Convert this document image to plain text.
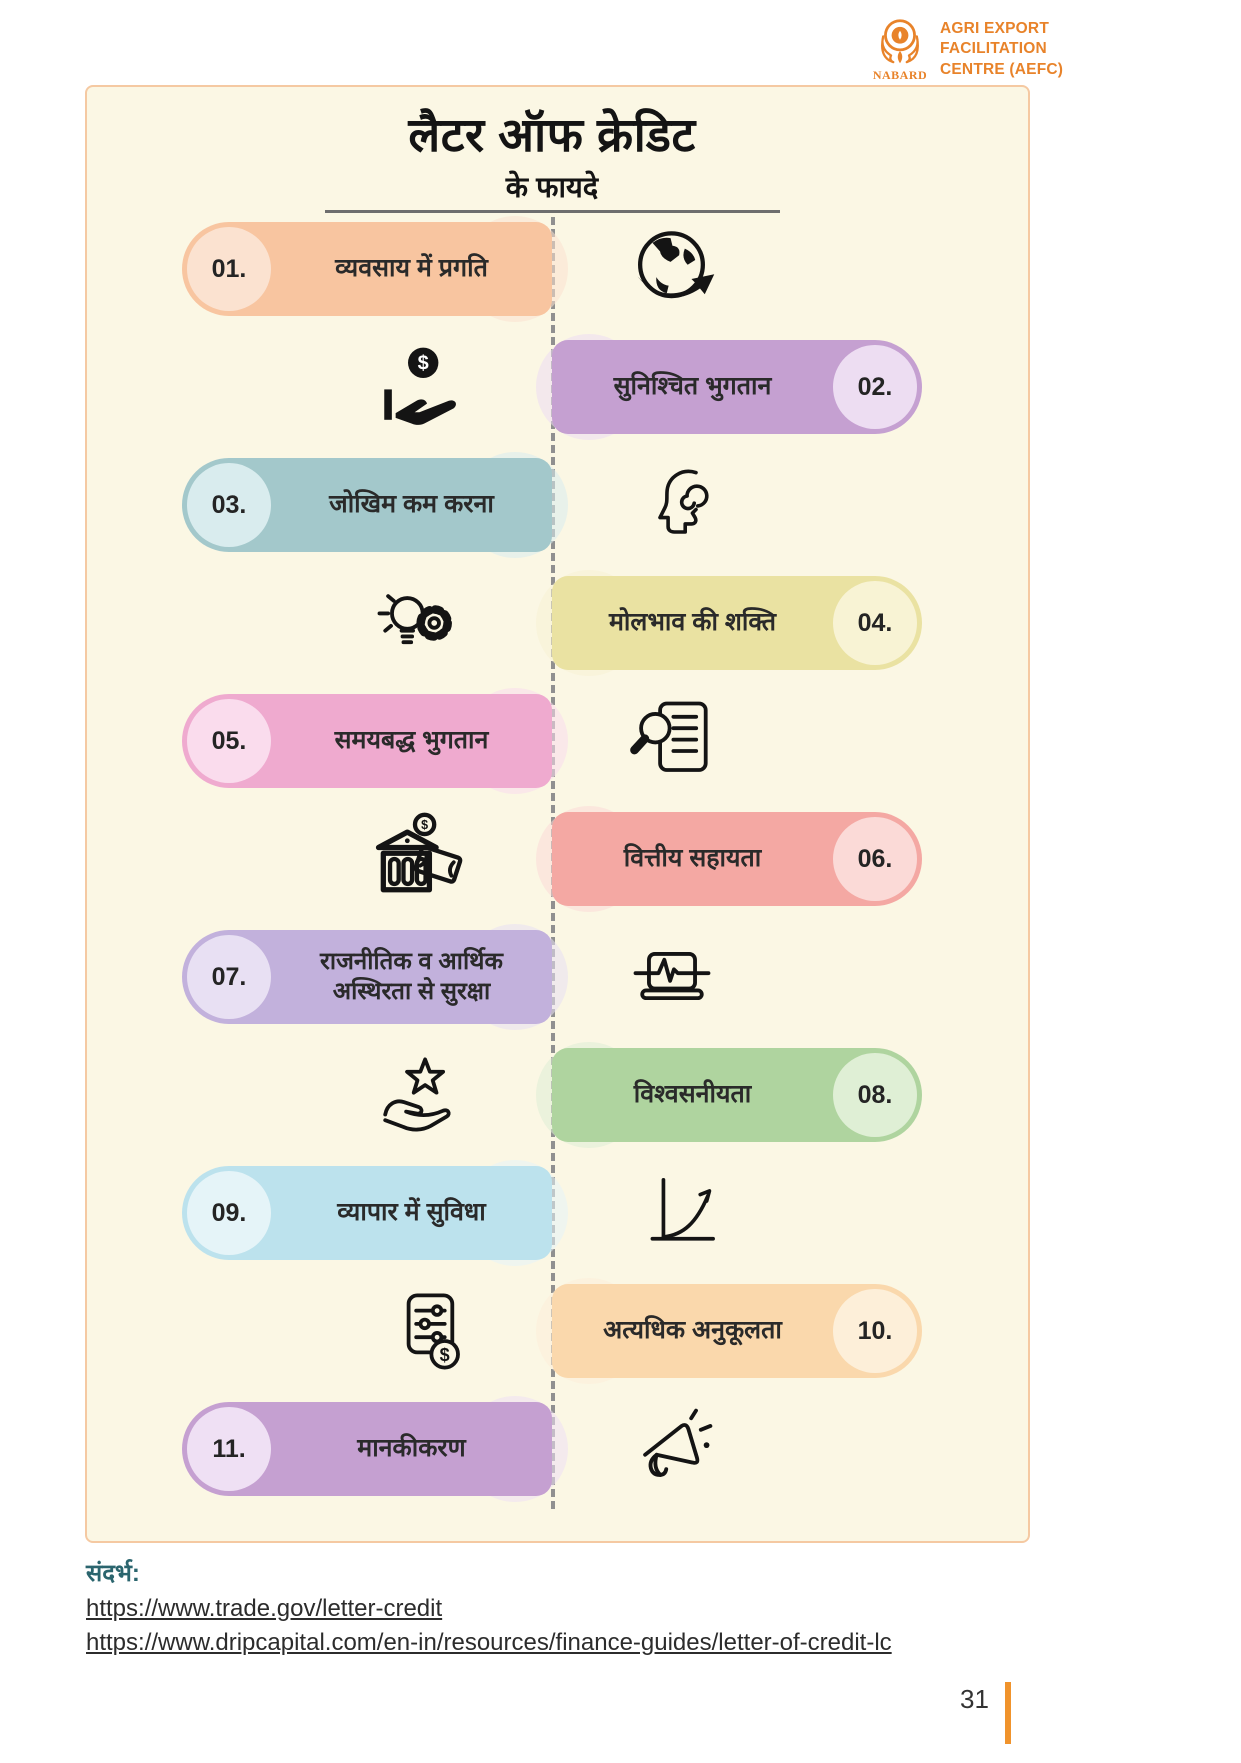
NABARD
AGRI EXPORT
FACILITATION
CENTRE (AEFC)
लैटर ऑफ क्रेडिट
के फायदे
01.	व्यवसाय में प्रगति
$
सुनिश्चित भुगतान	02.
03.	जोखिम कम करना
मोलभाव की शक्ति	04.
05.	समयबद्ध भुगतान
$
वित्तीय सहायता	06.
07.
राजनीतिक व आर्थिक अस्थिरता से सुरक्षा
विश्वसनीयता	08.
09.	व्यापार में सुविधा
$
अत्यधिक अनुकूलता	10.
11.	मानकीकरण
संदर्भ:
https://www.trade.gov/letter-credit
https://www.dripcapital.com/en-in/resources/finance-guides/letter-of-credit-lc
31
